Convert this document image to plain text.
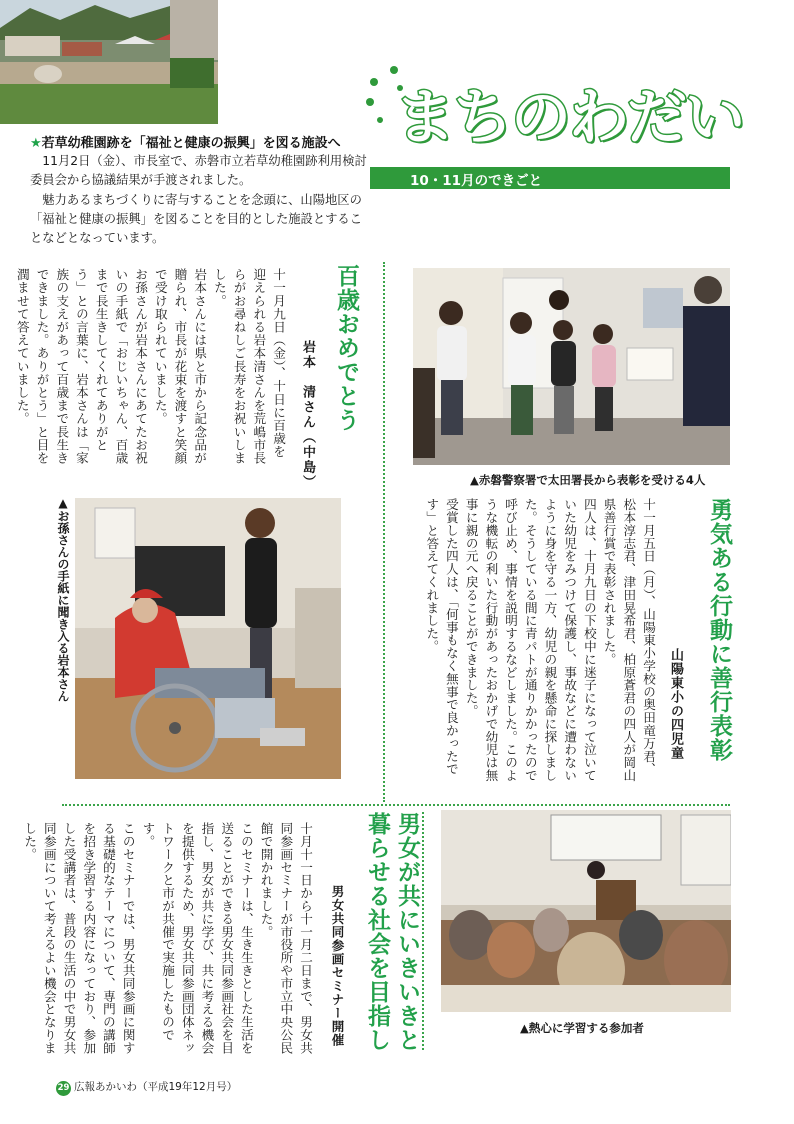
★若草幼稚園跡を「福祉と健康の振興」を図る施設へ

11月2日（金）、市長室で、赤磐市立若草幼稚園跡利用検討委員会から協議結果が手渡されました。

魅力あるまちづくりに寄与することを念頭に、山陽地区の「福祉と健康の振興」を図ることを目的とした施設とすることなどとなっています。

まちのわだい
10・11月のできごと
百歳おめでとう
岩本　清さん（中島）

十一月九日（金）、十日に百歳を迎えられる岩本清さんを荒嶋市長らがお尋ねしご長寿をお祝いしました。

岩本さんには県と市から記念品が贈られ、市長が花束を渡すと笑顔で受け取られていました。

お孫さんが岩本さんにあてたお祝いの手紙で「おじいちゃん、百歳まで長生きしてくれてありがとう」との言葉に、岩本さんは「家族の支えがあって百歳まで長生きできました。ありがとう」と目を潤ませて答えていました。

▲お孫さんの手紙に聞き入る岩本さん
▲赤磐警察署で太田署長から表彰を受ける4人
勇気ある行動に善行表彰
山陽東小の四児童

十一月五日（月）、山陽東小学校の奥田竜万君、松本淳志君、津田晃希君、柏原蒼君の四人が岡山県善行賞で表彰されました。

四人は、十月九日の下校中に迷子になって泣いていた幼児をみつけて保護し、事故などに遭わないように身を守る一方、幼児の親を懸命に探しました。そうしている間に青パトが通りかかったので呼び止め、事情を説明するなどしました。このような機転の利いた行動があったおかげで幼児は無事に親の元へ戻ることができました。

受賞した四人は、「何事もなく無事で良かったです」と答えてくれました。

▲熱心に学習する参加者
男女が共にいきいきと
暮らせる社会を目指し
男女共同参画セミナー開催

十月十一日から十一月二日まで、男女共同参画セミナーが市役所や市立中央公民館で開かれました。

このセミナーは、生き生きとした生活を送ることができる男女共同参画社会を目指し、男女が共に学び、共に考える機会を提供するため、男女共同参画団体ネットワークと市が共催で実施したものです。

このセミナーでは、男女共同参画に関する基礎的なテーマについて、専門の講師を招き学習する内容になっており、参加した受講者は、普段の生活の中で男女共同参画について考えるよい機会となりました。

29 広報あかいわ（平成19年12月号）
